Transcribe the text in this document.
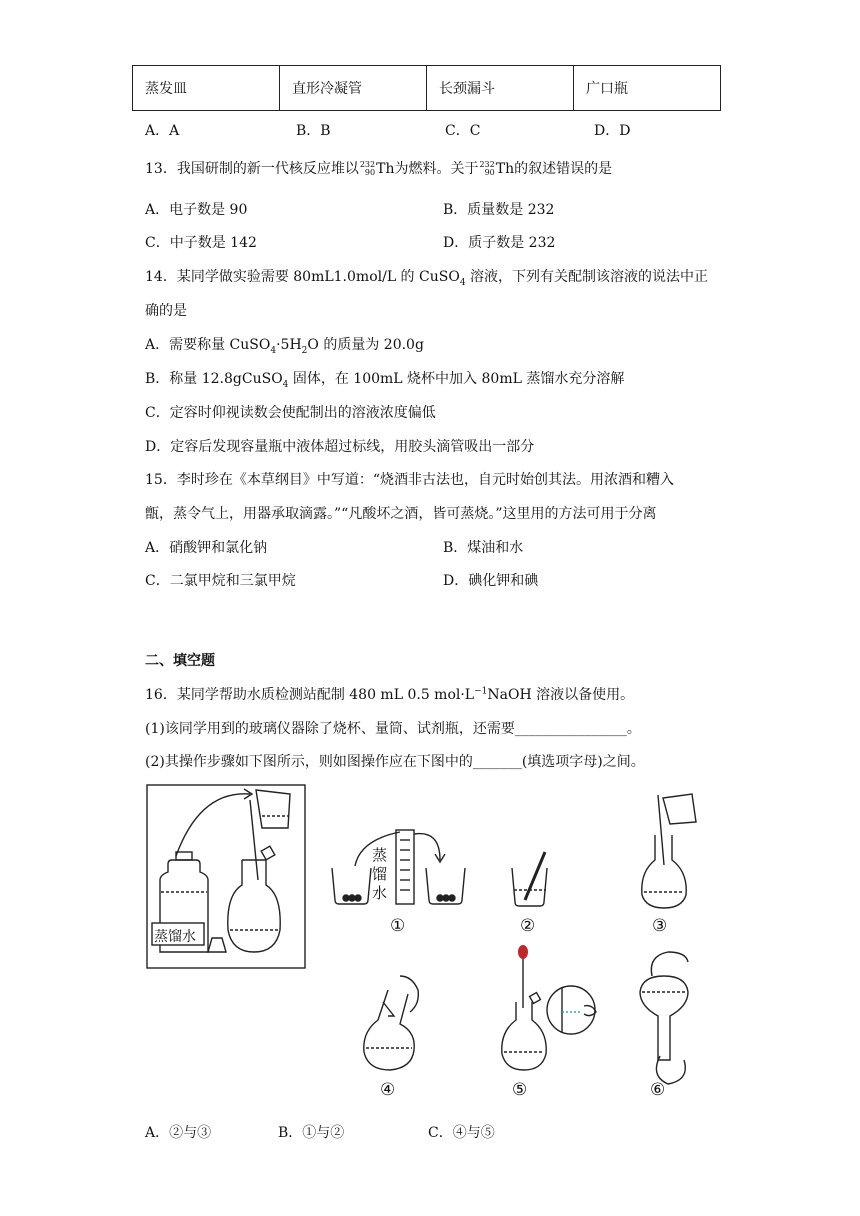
蒸发皿	直形冷凝管	长颈漏斗	广口瓶
A．A	B．B	C．C	D．D
13．我国研制的新一代核反应堆以232
90Th为燃料。关于232
90Th的叙述错误的是
A．电子数是 90	B．质量数是 232
C．中子数是 142	D．质子数是 232
14．某同学做实验需要 80mL1.0mol/L 的 CuSO$_4$ 溶液，下列有关配制该溶液的说法中正
确的是
A．需要称量 $CuSO_4\cdot 5H_2O$ 的质量为 20.0g
B．称量 12.8gCuSO$_4$ 固体，在 100mL 烧杯中加入 80mL 蒸馏水充分溶解
C．定容时仰视读数会使配制出的溶液浓度偏低
D．定容后发现容量瓶中液体超过标线，用胶头滴管吸出一部分
15．李时珍在《本草纲目》中写道：“烧酒非古法也，自元时始创其法。用浓酒和糟入
甑，蒸令气上，用器承取滴露。”“凡酸坏之酒，皆可蒸烧。”这里用的方法可用于分离
A．硝酸钾和氯化钠	B．煤油和水
C．二氯甲烷和三氯甲烷	D．碘化钾和碘
二、填空题
16．某同学帮助水质检测站配制 480 mL 0.5 $mol\cdot L^{-1}NaOH$ 溶液以备使用。
(1)该同学用到的玻璃仪器除了烧杯、量筒、试剂瓶，还需要________________。
(2)其操作步骤如下图所示，则如图操作应在下图中的_______(填选项字母)之间。
蒸馏水
蒸
馏
水
①	②	③
④	⑤	⑥
A．②与③	B．①与②	C．④与⑤
